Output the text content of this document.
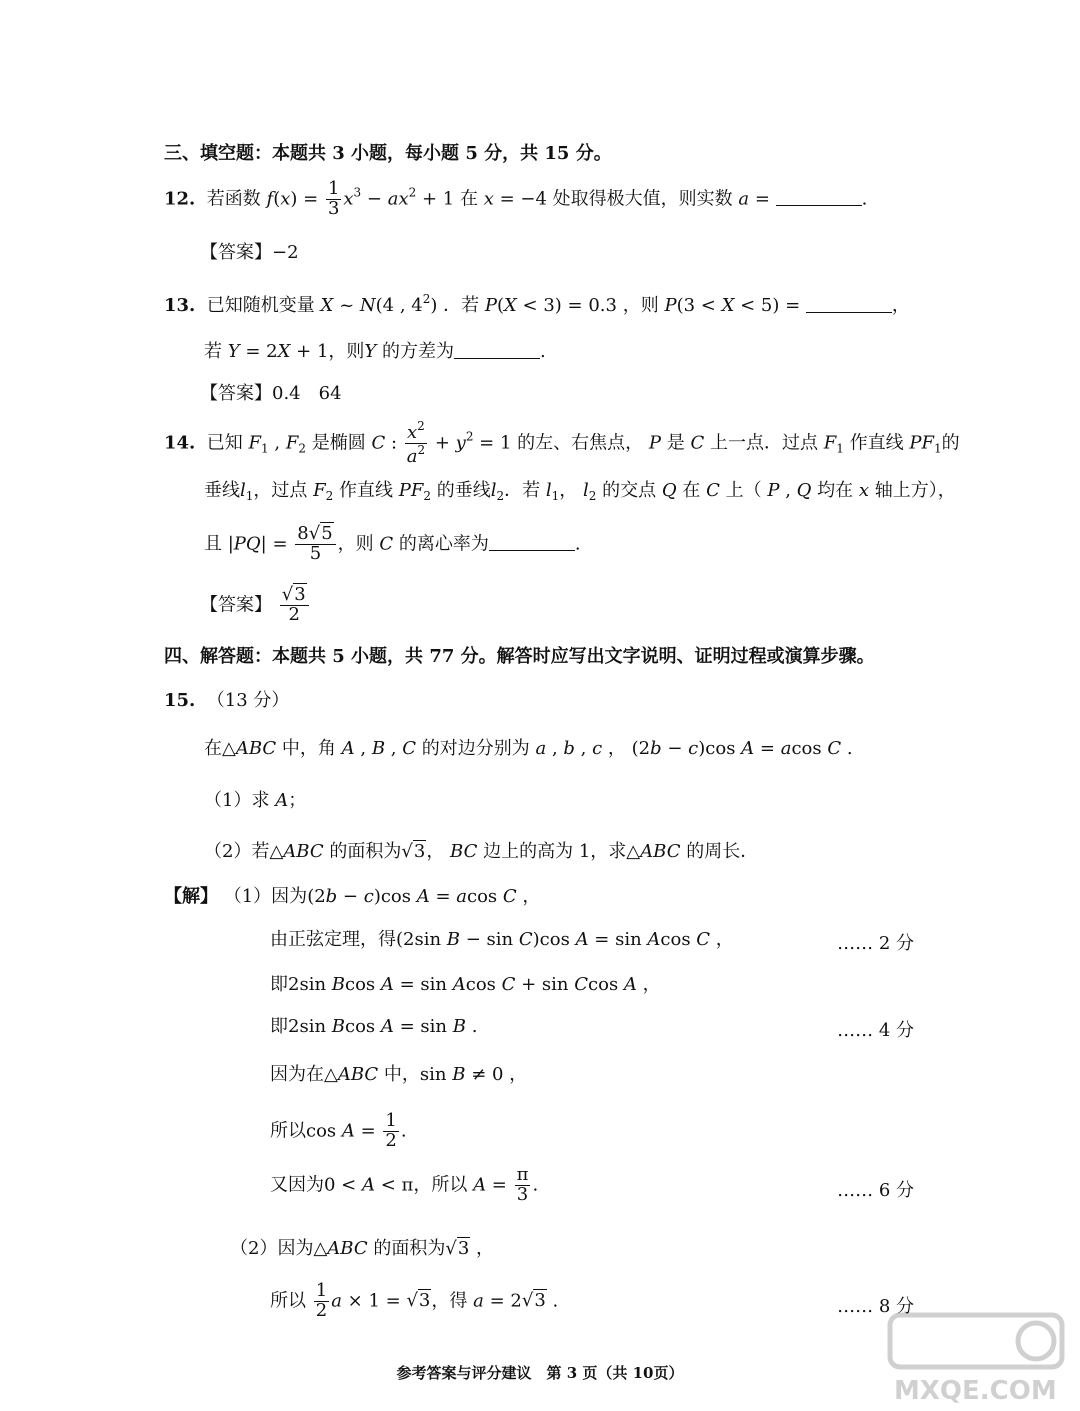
三、填空题：本题共 3 小题，每小题 5 分，共 15 分。
12. 若函数 $f(x) = \frac{1}{3} x^3 - ax^2 + 1$ 在 x = −4 处取得极大值，则实数 a =	.
【答案】−2
13. 已知随机变量 X ~ N(4 , $4^2$) ．若 P(X < 3) = 0.3 ，则 P(3 < X < 5) =	，
若 Y = 2X + 1，则Y 的方差为	.
【答案】0.4　64
14. 已知 $F_1$ , $F_2$ 是椭圆 C : $\frac{x^2}{a^2} + y^2 = 1$ 的左、右焦点， P 是 C 上一点．过点 $F_1$ 作直线 $PF_1$的
垂线$l_1$，过点 $F_2$ 作直线 $PF_2$ 的垂线$l_2$．若 $l_1$， $l_2$ 的交点 Q 在 C 上（ P , Q 均在 x 轴上方），
且 $|PQ| = \frac{8√5}{5}$ ，则 C 的离心率为	.
【答案】 $\frac{√3}{2}$
四、解答题：本题共 5 小题，共 77 分。解答时应写出文字说明、证明过程或演算步骤。
15. （13 分）
在△ABC 中，角 A , B , C 的对边分别为 a , b , c ， (2b − c)cos A = acos C .
（1）求 A；
（2）若△ABC 的面积为√3， BC 边上的高为 1，求△ABC 的周长．
【解】 （1）因为(2b − c)cos A = acos C ，
由正弦定理，得(2sin B − sin C)cos A = sin Acos C ，	…… 2 分
即2sin Bcos A = sin Acos C + sin Ccos A ，
即2sin Bcos A = sin B .	…… 4 分
因为在△ABC 中，sin B ≠ 0 ，
所以$\cos A = \frac{1}{2}$ .
又因为0 < A < π，所以 $A = \frac{\pi}{3}$ .	…… 6 分
（2）因为△ABC 的面积为√3 ，
所以 $\frac{1}{2}$ a × 1 = √3，得 a = 2√3 .	…… 8 分
参考答案与评分建议　第 3 页（共 10页）
MXQE.COM
